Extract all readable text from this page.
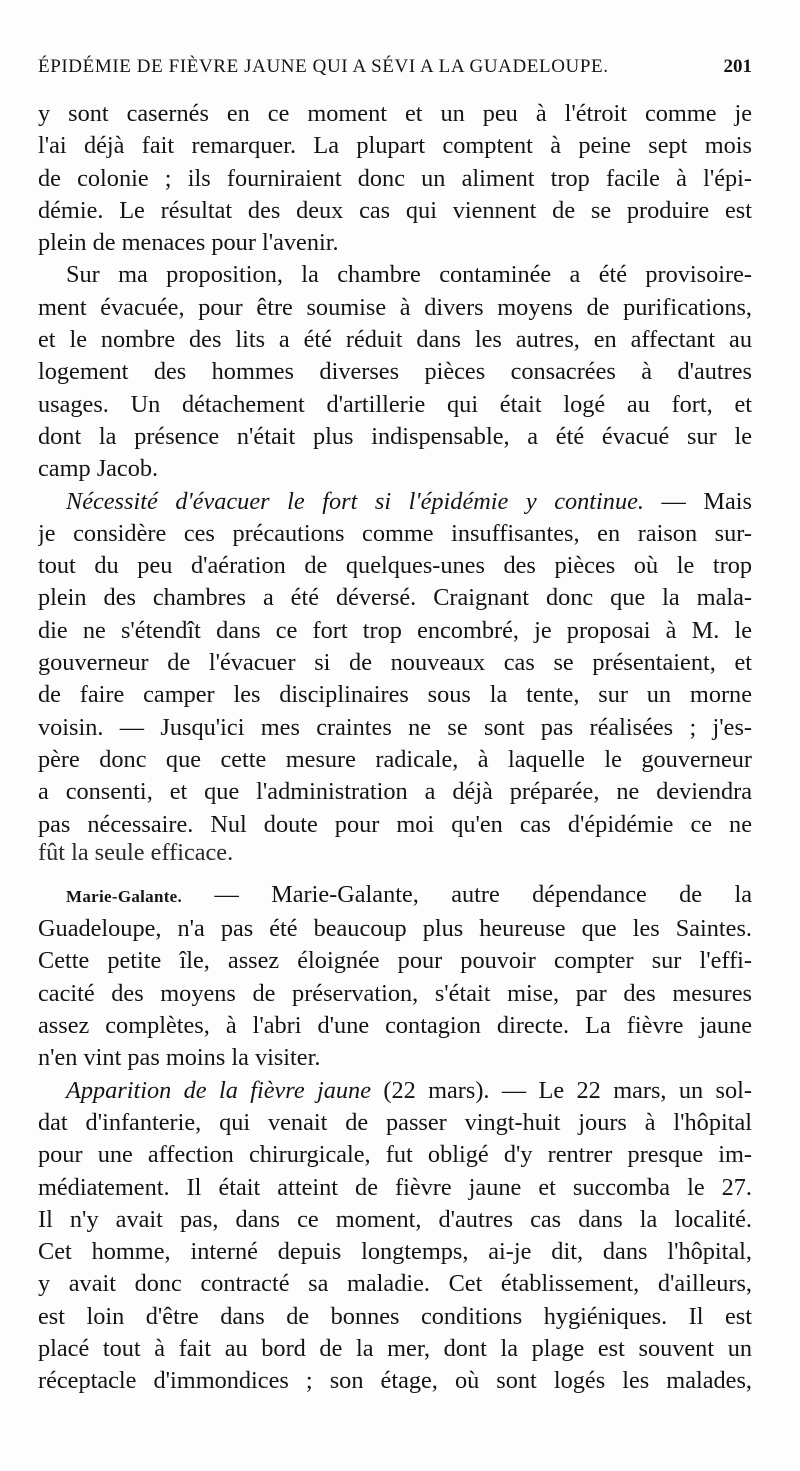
ÉPIDÉMIE DE FIÈVRE JAUNE QUI A SÉVI A LA GUADELOUPE.	201
y sont casernés en ce moment et un peu à l'étroit comme je
l'ai déjà fait remarquer. La plupart comptent à peine sept mois
de colonie ; ils fourniraient donc un aliment trop facile à l'épi-
démie. Le résultat des deux cas qui viennent de se produire est
plein de menaces pour l'avenir.
Sur ma proposition, la chambre contaminée a été provisoire-
ment évacuée, pour être soumise à divers moyens de purifications,
et le nombre des lits a été réduit dans les autres, en affectant au
logement des hommes diverses pièces consacrées à d'autres
usages. Un détachement d'artillerie qui était logé au fort, et
dont la présence n'était plus indispensable, a été évacué sur le
camp Jacob.
Nécessité d'évacuer le fort si l'épidémie y continue. — Mais
je considère ces précautions comme insuffisantes, en raison sur-
tout du peu d'aération de quelques-unes des pièces où le trop
plein des chambres a été déversé. Craignant donc que la mala-
die ne s'étendît dans ce fort trop encombré, je proposai à M. le
gouverneur de l'évacuer si de nouveaux cas se présentaient, et
de faire camper les disciplinaires sous la tente, sur un morne
voisin. — Jusqu'ici mes craintes ne se sont pas réalisées ; j'es-
père donc que cette mesure radicale, à laquelle le gouverneur
a consenti, et que l'administration a déjà préparée, ne deviendra
pas nécessaire. Nul doute pour moi qu'en cas d'épidémie ce ne
fût la seule efficace.
Marie-Galante. — Marie-Galante, autre dépendance de la
Guadeloupe, n'a pas été beaucoup plus heureuse que les Saintes.
Cette petite île, assez éloignée pour pouvoir compter sur l'effi-
cacité des moyens de préservation, s'était mise, par des mesures
assez complètes, à l'abri d'une contagion directe. La fièvre jaune
n'en vint pas moins la visiter.
Apparition de la fièvre jaune (22 mars). — Le 22 mars, un sol-
dat d'infanterie, qui venait de passer vingt-huit jours à l'hôpital
pour une affection chirurgicale, fut obligé d'y rentrer presque im-
médiatement. Il était atteint de fièvre jaune et succomba le 27.
Il n'y avait pas, dans ce moment, d'autres cas dans la localité.
Cet homme, interné depuis longtemps, ai-je dit, dans l'hôpital,
y avait donc contracté sa maladie. Cet établissement, d'ailleurs,
est loin d'être dans de bonnes conditions hygiéniques. Il est
placé tout à fait au bord de la mer, dont la plage est souvent un
réceptacle d'immondices ; son étage, où sont logés les malades,
